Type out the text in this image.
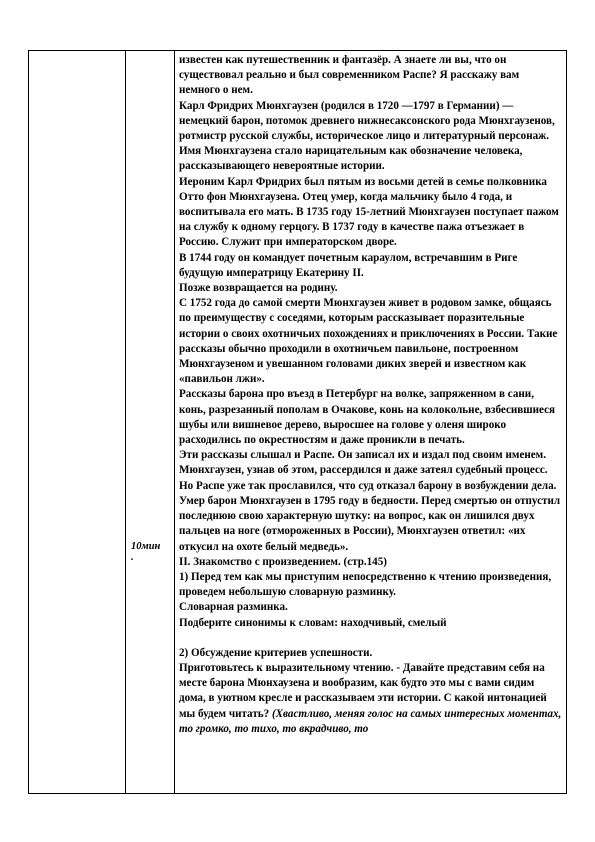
10мин
.

известен как путешественник и фантазёр. А знаете ли вы, что он существовал реально и был современником Распе? Я расскажу вам немного о нем.

Карл Фридрих Мюнхгаузен (родился в 1720 —1797 в Германии) — немецкий барон, потомок древнего нижнесаксонского рода Мюнхгаузенов, ротмистр русской службы, историческое лицо и литературный персонаж. Имя Мюнхгаузена стало нарицательным как обозначение человека, рассказывающего невероятные истории.

Иероним Карл Фридрих был пятым из восьми детей в семье полковника Отто фон Мюнхгаузена. Отец умер, когда мальчику было 4 года, и воспитывала его мать. В 1735 году 15-летний Мюнхгаузен поступает пажом на службу к одному герцогу. В 1737 году в качестве пажа отъезжает в Россию. Служит при императорском дворе.

В 1744 году он командует почетным караулом, встречавшим в Риге будущую императрицу Екатерину II.

Позже возвращается на родину.

С 1752 года до самой смерти Мюнхгаузен живет в родовом замке, общаясь по преимуществу с соседями, которым рассказывает поразительные истории о своих охотничьих похождениях и приключениях в России. Такие рассказы обычно проходили в охотничьем павильоне, построенном Мюнхгаузеном и увешанном головами диких зверей и известном как «павильон лжи».

Рассказы барона про въезд в Петербург на волке, запряженном в сани, конь, разрезанный пополам в Очакове, конь на колокольне, взбесившиеся шубы или вишневое дерево, выросшее на голове у оленя широко расходились по окрестностям и даже проникли в печать.

Эти рассказы слышал и Распе. Он записал их и издал под своим именем. Мюнхгаузен, узнав об этом, рассердился и даже затеял судебный процесс. Но Распе уже так прославился, что суд отказал барону в возбуждении дела.

Умер барон Мюнхгаузен в 1795 году в бедности. Перед смертью он отпустил последнюю свою характерную шутку: на вопрос, как он лишился двух пальцев на ноге (отмороженных в России), Мюнхгаузен ответил: «их откусил на охоте белый медведь».

II. Знакомство с произведением. (стр.145)

1) Перед тем как мы приступим непосредственно к чтению произведения, проведем небольшую словарную разминку.

Словарная разминка.

Подберите синонимы к словам: находчивый, смелый

2) Обсуждение критериев успешности.

Приготовьтесь к выразительному чтению. - Давайте представим себя на месте барона Мюнхаузена и вообразим, как будто это мы с вами сидим дома, в уютном кресле и рассказываем эти истории. С какой интонацией мы будем читать? (Хвастливо, меняя голос на самых интересных моментах, то громко, то тихо, то вкрадчиво, то
